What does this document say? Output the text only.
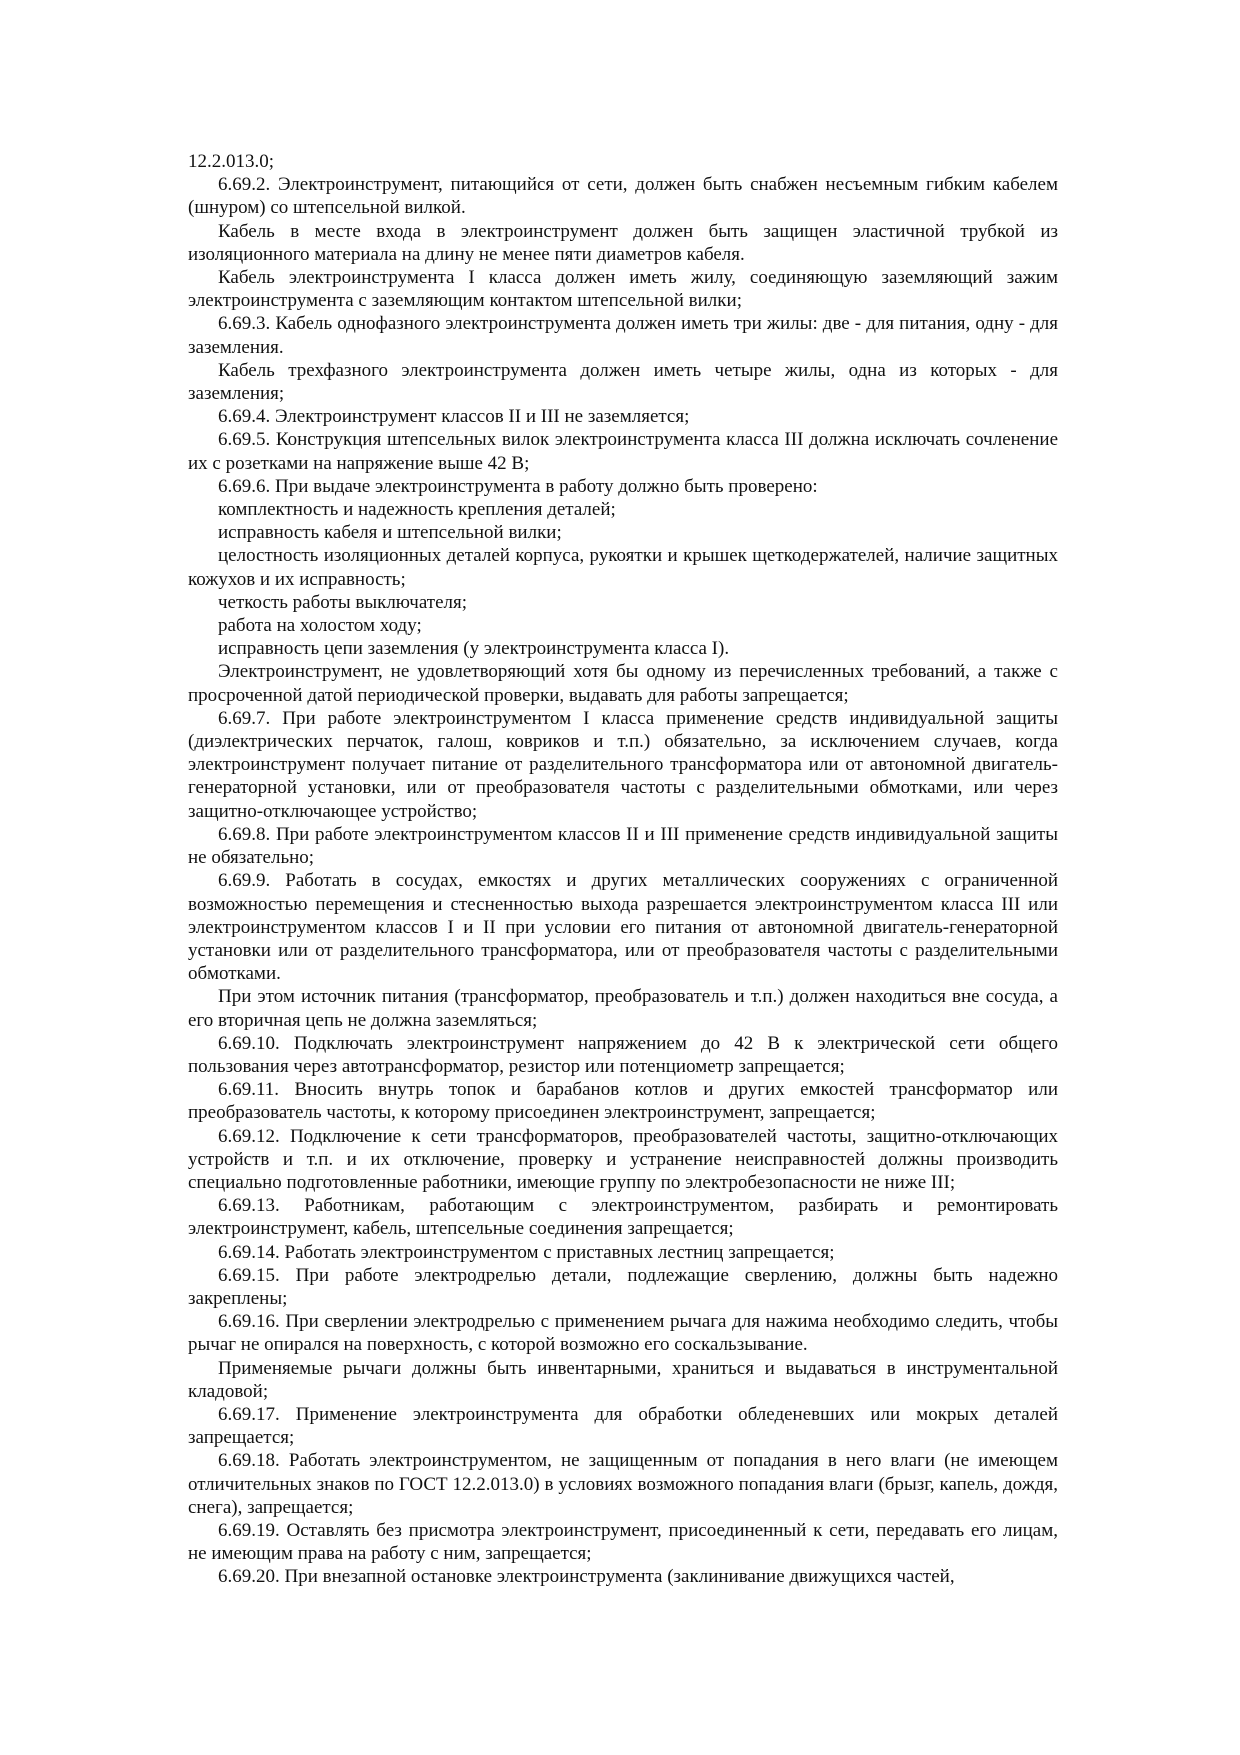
12.2.013.0;

6.69.2. Электроинструмент, питающийся от сети, должен быть снабжен несъемным гибким кабелем (шнуром) со штепсельной вилкой.

Кабель в месте входа в электроинструмент должен быть защищен эластичной трубкой из изоляционного материала на длину не менее пяти диаметров кабеля.

Кабель электроинструмента I класса должен иметь жилу, соединяющую заземляющий зажим электроинструмента с заземляющим контактом штепсельной вилки;

6.69.3. Кабель однофазного электроинструмента должен иметь три жилы: две - для питания, одну - для заземления.

Кабель трехфазного электроинструмента должен иметь четыре жилы, одна из которых - для заземления;

6.69.4. Электроинструмент классов II и III не заземляется;

6.69.5. Конструкция штепсельных вилок электроинструмента класса III должна исключать сочленение их с розетками на напряжение выше 42 В;

6.69.6. При выдаче электроинструмента в работу должно быть проверено:

комплектность и надежность крепления деталей;

исправность кабеля и штепсельной вилки;

целостность изоляционных деталей корпуса, рукоятки и крышек щеткодержателей, наличие защитных кожухов и их исправность;

четкость работы выключателя;

работа на холостом ходу;

исправность цепи заземления (у электроинструмента класса I).

Электроинструмент, не удовлетворяющий хотя бы одному из перечисленных требований, а также с просроченной датой периодической проверки, выдавать для работы запрещается;

6.69.7. При работе электроинструментом I класса применение средств индивидуальной защиты (диэлектрических перчаток, галош, ковриков и т.п.) обязательно, за исключением случаев, когда электроинструмент получает питание от разделительного трансформатора или от автономной двигатель-генераторной установки, или от преобразователя частоты с разделительными обмотками, или через защитно-отключающее устройство;

6.69.8. При работе электроинструментом классов II и III применение средств индивидуальной защиты не обязательно;

6.69.9. Работать в сосудах, емкостях и других металлических сооружениях с ограниченной возможностью перемещения и стесненностью выхода разрешается электроинструментом класса III или электроинструментом классов I и II при условии его питания от автономной двигатель-генераторной установки или от разделительного трансформатора, или от преобразователя частоты с разделительными обмотками.

При этом источник питания (трансформатор, преобразователь и т.п.) должен находиться вне сосуда, а его вторичная цепь не должна заземляться;

6.69.10. Подключать электроинструмент напряжением до 42 В к электрической сети общего пользования через автотрансформатор, резистор или потенциометр запрещается;

6.69.11. Вносить внутрь топок и барабанов котлов и других емкостей трансформатор или преобразователь частоты, к которому присоединен электроинструмент, запрещается;

6.69.12. Подключение к сети трансформаторов, преобразователей частоты, защитно-отключающих устройств и т.п. и их отключение, проверку и устранение неисправностей должны производить специально подготовленные работники, имеющие группу по электробезопасности не ниже III;

6.69.13. Работникам, работающим с электроинструментом, разбирать и ремонтировать электроинструмент, кабель, штепсельные соединения запрещается;

6.69.14. Работать электроинструментом с приставных лестниц запрещается;

6.69.15. При работе электродрелью детали, подлежащие сверлению, должны быть надежно закреплены;

6.69.16. При сверлении электродрелью с применением рычага для нажима необходимо следить, чтобы рычаг не опирался на поверхность, с которой возможно его соскальзывание.

Применяемые рычаги должны быть инвентарными, храниться и выдаваться в инструментальной кладовой;

6.69.17. Применение электроинструмента для обработки обледеневших или мокрых деталей запрещается;

6.69.18. Работать электроинструментом, не защищенным от попадания в него влаги (не имеющем отличительных знаков по ГОСТ 12.2.013.0) в условиях возможного попадания влаги (брызг, капель, дождя, снега), запрещается;

6.69.19. Оставлять без присмотра электроинструмент, присоединенный к сети, передавать его лицам, не имеющим права на работу с ним, запрещается;

6.69.20. При внезапной остановке электроинструмента (заклинивание движущихся частей,
